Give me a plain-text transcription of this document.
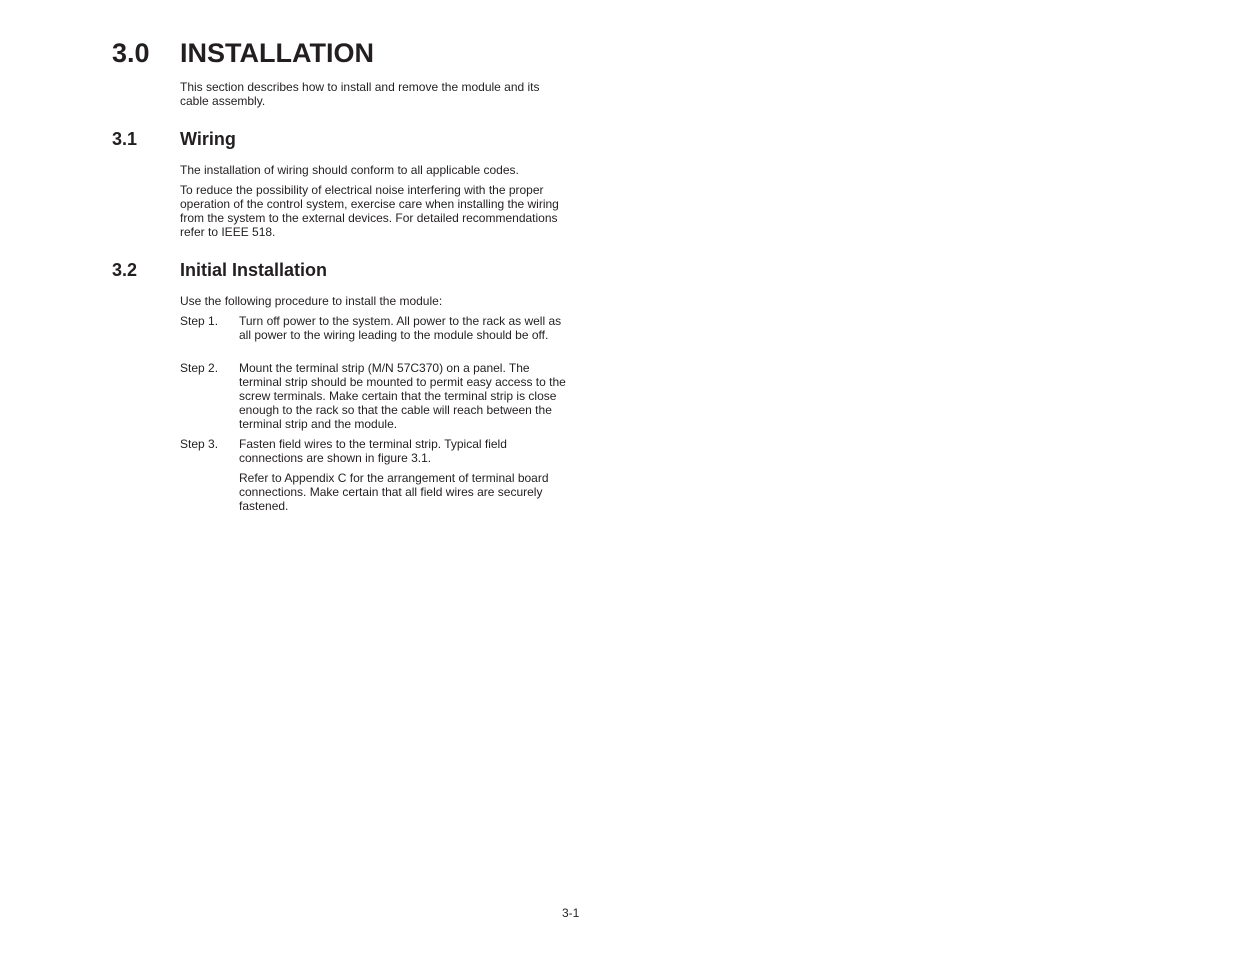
3.0 INSTALLATION

This section describes how to install and remove the module and its cable assembly.

3.1 Wiring

The installation of wiring should conform to all applicable codes.

To reduce the possibility of electrical noise interfering with the proper operation of the control system, exercise care when installing the wiring from the system to the external devices. For detailed recommendations refer to IEEE 518.

3.2 Initial Installation

Use the following procedure to install the module:

Step 1. Turn off power to the system. All power to the rack as well as all power to the wiring leading to the module should be off.
Step 2. Mount the terminal strip (M/N 57C370) on a panel. The terminal strip should be mounted to permit easy access to the screw terminals. Make certain that the terminal strip is close enough to the rack so that the cable will reach between the terminal strip and the module.
Step 3. Fasten field wires to the terminal strip. Typical field connections are shown in figure 3.1.
Refer to Appendix C for the arrangement of terminal board connections. Make certain that all field wires are securely fastened.
3-1
